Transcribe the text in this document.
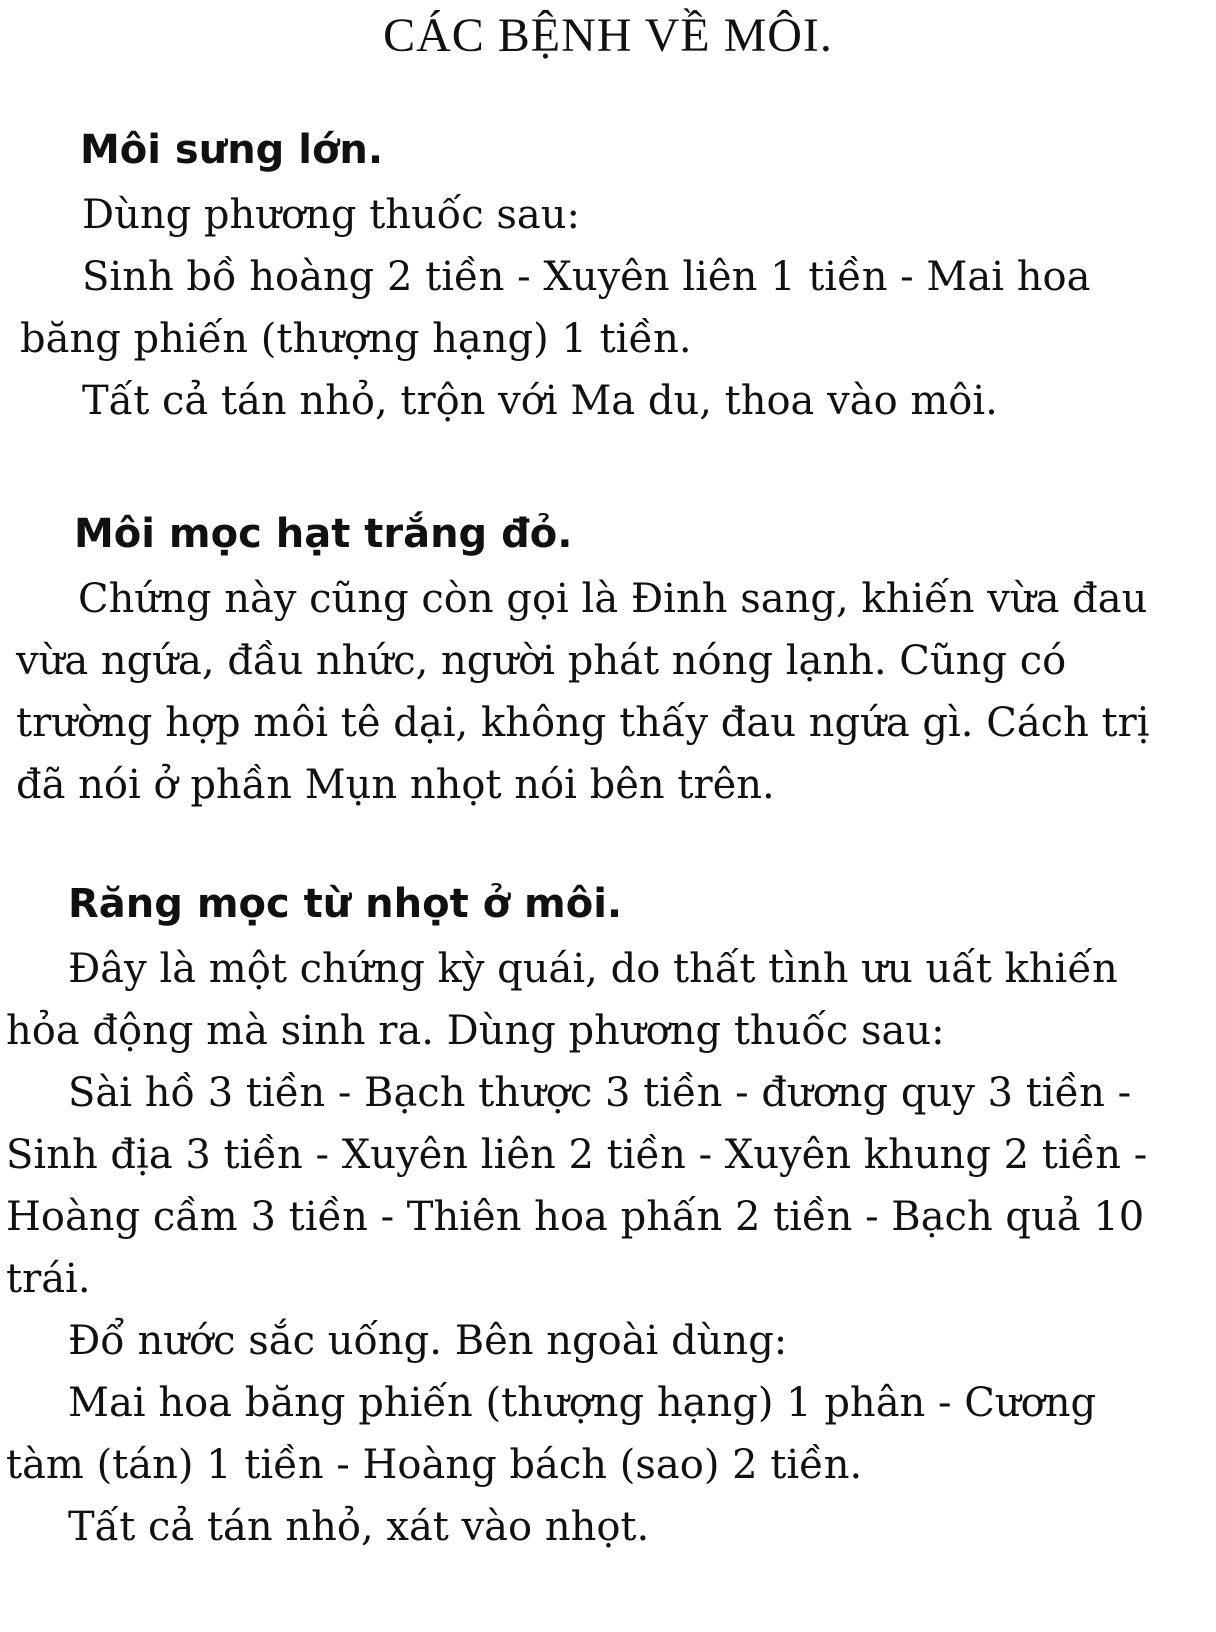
CÁC BỆNH VỀ MÔI.
Môi sưng lớn.

Dùng phương thuốc sau:

Sinh bồ hoàng 2 tiền - Xuyên liên 1 tiền - Mai hoa băng phiến (thượng hạng) 1 tiền.

Tất cả tán nhỏ, trộn với Ma du, thoa vào môi.

Môi mọc hạt trắng đỏ.

Chứng này cũng còn gọi là Đinh sang, khiến vừa đau vừa ngứa, đầu nhức, người phát nóng lạnh. Cũng có trường hợp môi tê dại, không thấy đau ngứa gì. Cách trị đã nói ở phần Mụn nhọt nói bên trên.

Răng mọc từ nhọt ở môi.

Đây là một chứng kỳ quái, do thất tình ưu uất khiến hỏa động mà sinh ra. Dùng phương thuốc sau:

Sài hồ 3 tiền - Bạch thược 3 tiền - đương quy 3 tiền - Sinh địa 3 tiền - Xuyên liên 2 tiền - Xuyên khung 2 tiền - Hoàng cầm 3 tiền - Thiên hoa phấn 2 tiền - Bạch quả 10 trái.

Đổ nước sắc uống. Bên ngoài dùng:

Mai hoa băng phiến (thượng hạng) 1 phân - Cương tàm (tán) 1 tiền - Hoàng bách (sao) 2 tiền.

Tất cả tán nhỏ, xát vào nhọt.
